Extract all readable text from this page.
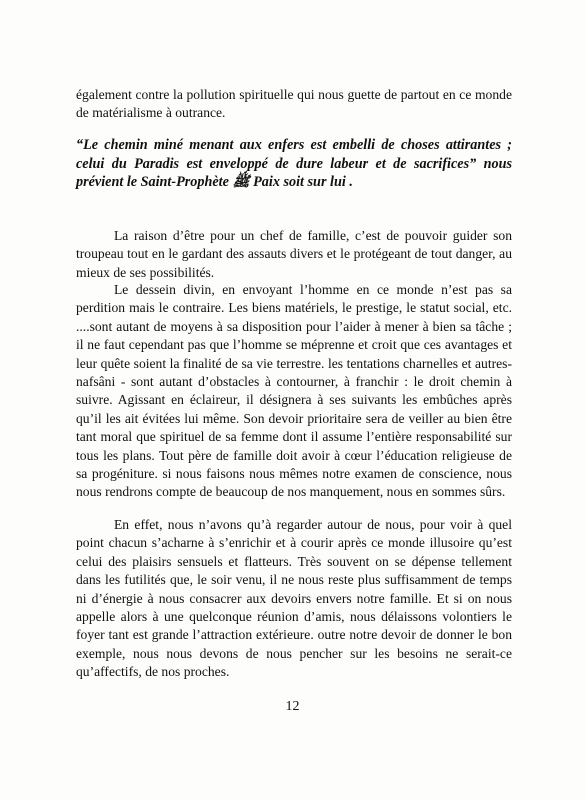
également contre la pollution spirituelle qui nous guette de partout en ce monde de matérialisme à outrance.
“Le chemin miné menant aux enfers est embelli de choses attirantes ; celui du Paradis est enveloppé de dure labeur et de sacrifices” nous prévient le Saint-Prophète ﷺ Paix soit sur lui .
La raison d’être pour un chef de famille, c’est de pouvoir guider son troupeau tout en le gardant des assauts divers et le protégeant de tout danger, au mieux de ses possibilités.
Le dessein divin, en envoyant l’homme en ce monde n’est pas sa perdition mais le contraire. Les biens matériels, le prestige, le statut social, etc. ....sont autant de moyens à sa disposition pour l’aider à mener à bien sa tâche ; il ne faut cependant pas que l’homme se méprenne et croit que ces avantages et leur quête soient la finalité de sa vie terrestre. les tentations charnelles et autres-nafsâni - sont autant d’obstacles à contourner, à franchir : le droit chemin à suivre. Agissant en éclaireur, il désignera à ses suivants les embûches après qu’il les ait évitées lui même. Son devoir prioritaire sera de veiller au bien être tant moral que spirituel de sa femme dont il assume l’entière responsabilité sur tous les plans. Tout père de famille doit avoir à cœur l’éducation religieuse de sa progéniture. si nous faisons nous mêmes notre examen de conscience, nous nous rendrons compte de beaucoup de nos manquement, nous en sommes sûrs.
En effet, nous n’avons qu’à regarder autour de nous, pour voir à quel point chacun s’acharne à s’enrichir et à courir après ce monde illusoire qu’est celui des plaisirs sensuels et flatteurs. Très souvent on se dépense tellement dans les futilités que, le soir venu, il ne nous reste plus suffisamment de temps ni d’énergie à nous consacrer aux devoirs envers notre famille. Et si on nous appelle alors à une quelconque réunion d’amis, nous délaissons volontiers le foyer tant est grande l’attraction extérieure. outre notre devoir de donner le bon exemple, nous nous devons de nous pencher sur les besoins ne serait-ce qu’affectifs, de nos proches.
12
